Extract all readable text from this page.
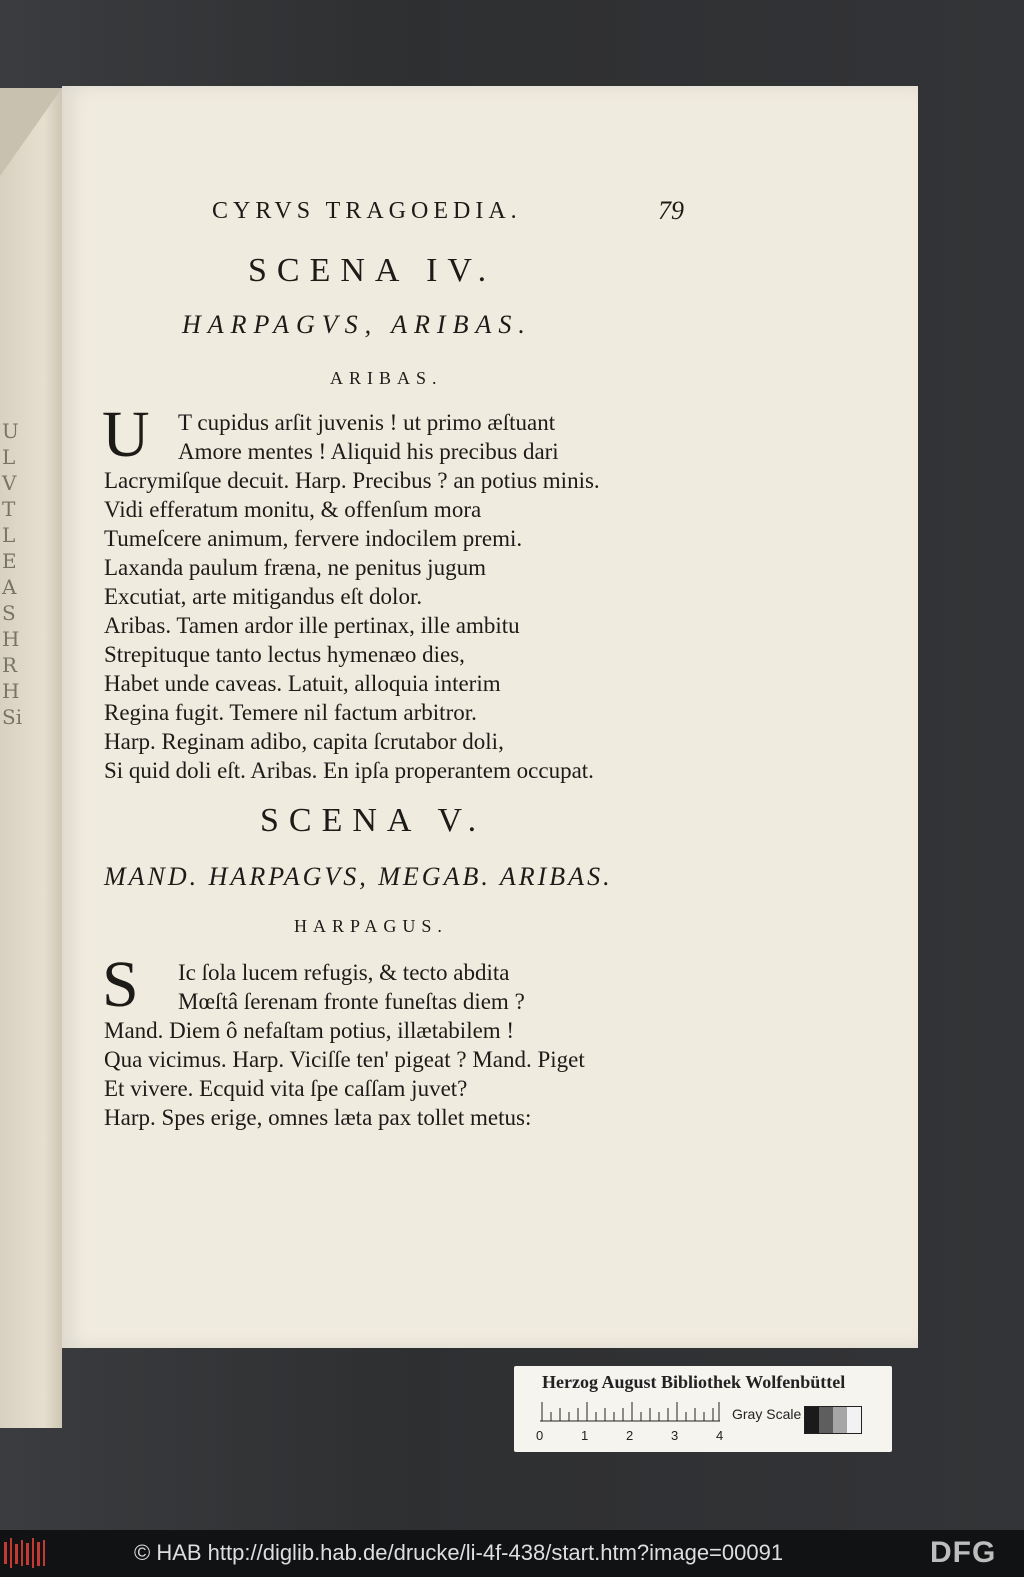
U
L
V
T
L
E
A
S
H
R
H
Si
CYRVS TRAGOEDIA.	79
SCENA IV.
HARPAGVS, ARIBAS.
ARIBAS.
U	T cupidus arſit juvenis ! ut primo æſtuant
Amore mentes ! Aliquid his precibus dari
Lacrymiſque decuit. Harp. Precibus ? an potius minis.
Vidi efferatum monitu, & offenſum mora
Tumeſcere animum, fervere indocilem premi.
Laxanda paulum fræna, ne penitus jugum
Excutiat, arte mitigandus eſt dolor.
Aribas. Tamen ardor ille pertinax, ille ambitu
Strepituque tanto lectus hymenæo dies,
Habet unde caveas. Latuit, alloquia interim
Regina fugit. Temere nil factum arbitror.
Harp. Reginam adibo, capita ſcrutabor doli,
Si quid doli eſt. Aribas. En ipſa properantem occupat.
SCENA V.
MAND. HARPAGVS, MEGAB. ARIBAS.
HARPAGUS.
S	Ic ſola lucem refugis, & tecto abdita
Mœſtâ ſerenam fronte funeſtas diem ?
Mand. Diem ô nefaſtam potius, illætabilem !
Qua vicimus. Harp. Viciſſe ten' pigeat ? Mand. Piget
Et vivere. Ecquid vita ſpe caſſam juvet?
Harp. Spes erige, omnes læta pax tollet metus:
Herzog August Bibliothek Wolfenbüttel
0	1	2	3	4
Gray Scale
© HAB http://diglib.hab.de/drucke/li-4f-438/start.htm?image=00091	DFG
